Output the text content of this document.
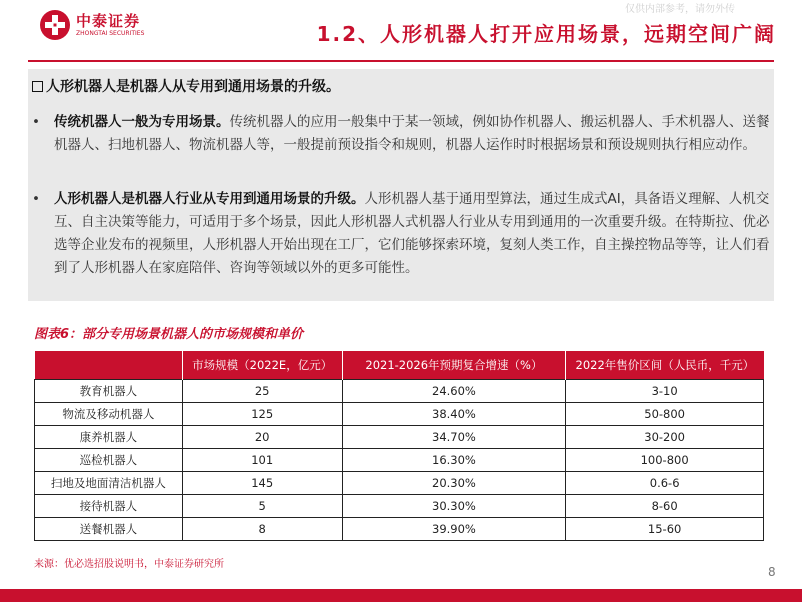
中泰证券
ZHONGTAI SECURITIES
仅供内部参考，请勿外传
1.2、人形机器人打开应用场景，远期空间广阔
人形机器人是机器人从专用到通用场景的升级。
• 传统机器人一般为专用场景。传统机器人的应用一般集中于某一领域，例如协作机器人、搬运机器人、手术机器人、送餐机器人、扫地机器人、物流机器人等，一般提前预设指令和规则，机器人运作时时根据场景和预设规则执行相应动作。
• 人形机器人是机器人行业从专用到通用场景的升级。人形机器人基于通用型算法，通过生成式AI，具备语义理解、人机交互、自主决策等能力，可适用于多个场景，因此人形机器人式机器人行业从专用到通用的一次重要升级。在特斯拉、优必选等企业发布的视频里，人形机器人开始出现在工厂，它们能够探索环境，复刻人类工作，自主操控物品等等，让人们看到了人形机器人在家庭陪伴、咨询等领域以外的更多可能性。
图表6：部分专用场景机器人的市场规模和单价
	市场规模（2022E，亿元）	2021-2026年预期复合增速（%）	2022年售价区间（人民币，千元）
教育机器人	25	24.60%	3-10
物流及移动机器人	125	38.40%	50-800
康养机器人	20	34.70%	30-200
巡检机器人	101	16.30%	100-800
扫地及地面清洁机器人	145	20.30%	0.6-6
接待机器人	5	30.30%	8-60
送餐机器人	8	39.90%	15-60
来源：优必选招股说明书，中泰证券研究所
8
